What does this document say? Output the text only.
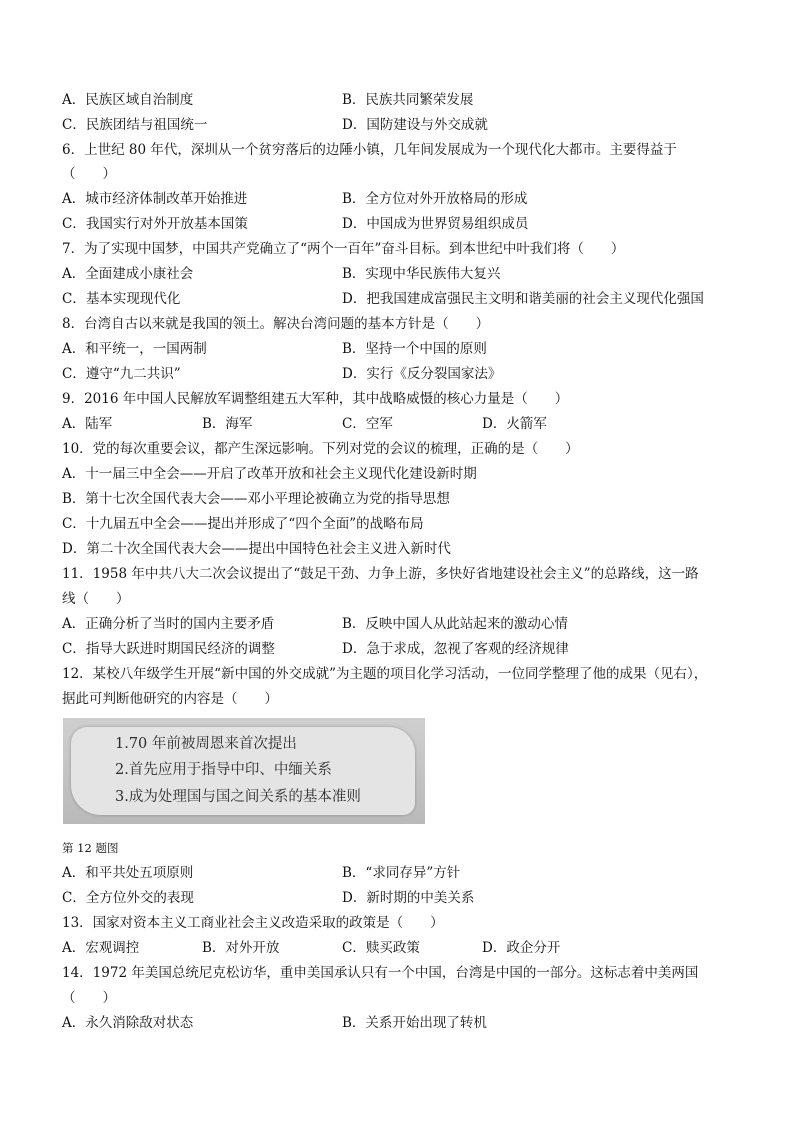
A．民族区域自治制度	B．民族共同繁荣发展
C．民族团结与祖国统一	D．国防建设与外交成就
6．上世纪 80 年代，深圳从一个贫穷落后的边陲小镇，几年间发展成为一个现代化大都市。主要得益于
（　　）
A．城市经济体制改革开始推进	B．全方位对外开放格局的形成
C．我国实行对外开放基本国策	D．中国成为世界贸易组织成员
7．为了实现中国梦，中国共产党确立了“两个一百年”奋斗目标。到本世纪中叶我们将（　　）
A．全面建成小康社会	B．实现中华民族伟大复兴
C．基本实现现代化	D．把我国建成富强民主文明和谐美丽的社会主义现代化强国
8．台湾自古以来就是我国的领土。解决台湾问题的基本方针是（　　）
A．和平统一，一国两制	B．坚持一个中国的原则
C．遵守“九二共识”	D．实行《反分裂国家法》
9．2016 年中国人民解放军调整组建五大军种，其中战略威慑的核心力量是（　　）
A．陆军	B．海军	C．空军	D．火箭军
10．党的每次重要会议，都产生深远影响。下列对党的会议的梳理，正确的是（　　）
A．十一届三中全会——开启了改革开放和社会主义现代化建设新时期
B．第十七次全国代表大会——邓小平理论被确立为党的指导思想
C．十九届五中全会——提出并形成了“四个全面”的战略布局
D．第二十次全国代表大会——提出中国特色社会主义进入新时代
11．1958 年中共八大二次会议提出了“鼓足干劲、力争上游，多快好省地建设社会主义”的总路线，这一路
线（　　）
A．正确分析了当时的国内主要矛盾	B．反映中国人从此站起来的激动心情
C．指导大跃进时期国民经济的调整	D．急于求成，忽视了客观的经济规律
12．某校八年级学生开展“新中国的外交成就”为主题的项目化学习活动，一位同学整理了他的成果（见右），
据此可判断他研究的内容是（　　）
1.70 年前被周恩来首次提出
2.首先应用于指导中印、中缅关系
3.成为处理国与国之间关系的基本准则
第 12 题图
A．和平共处五项原则	B．“求同存异”方针
C．全方位外交的表现	D．新时期的中美关系
13．国家对资本主义工商业社会主义改造采取的政策是（　　）
A．宏观调控	B．对外开放	C．赎买政策	D．政企分开
14．1972 年美国总统尼克松访华，重申美国承认只有一个中国，台湾是中国的一部分。这标志着中美两国
（　　）
A．永久消除敌对状态	B．关系开始出现了转机
